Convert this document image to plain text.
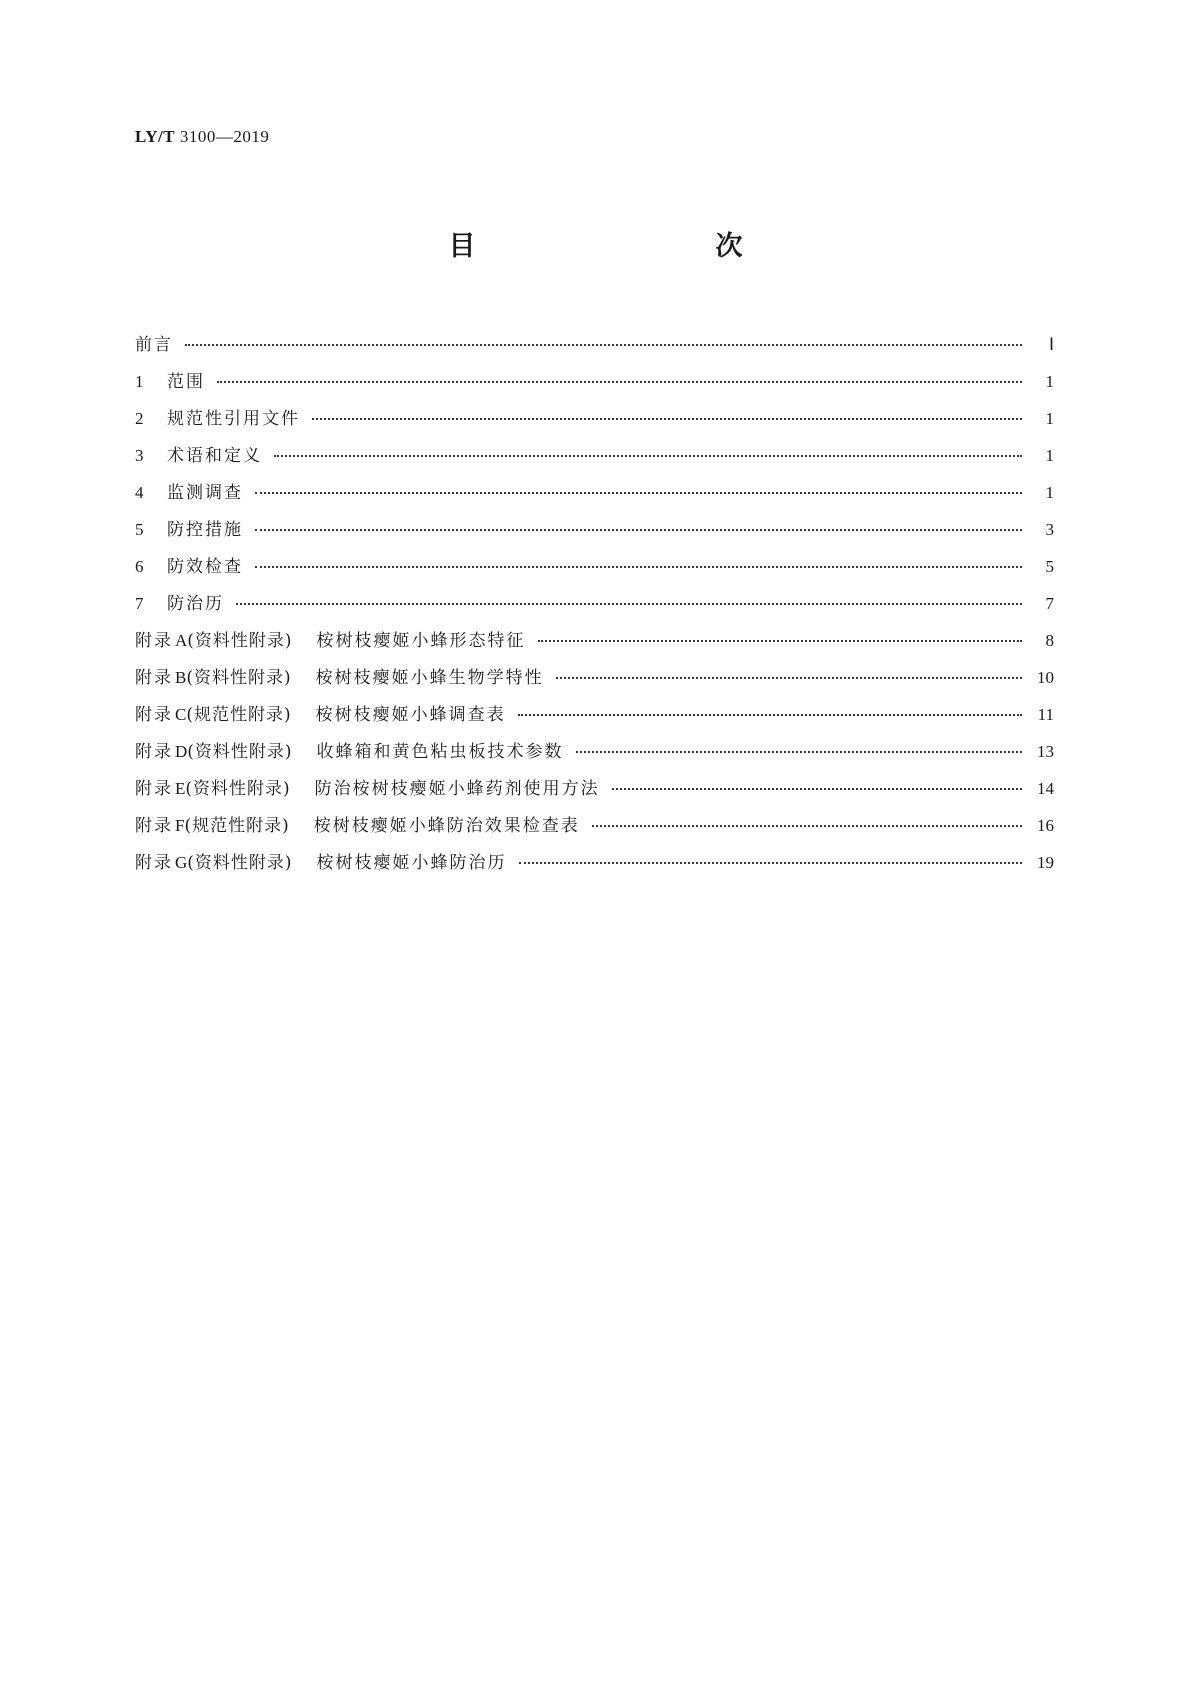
LY/T 3100—2019
目　　次
前言	Ⅰ
1	范围	1
2	规范性引用文件	1
3	术语和定义	1
4	监测调查	1
5	防控措施	3
6	防效检查	5
7	防治历	7
附录 A(资料性附录) 桉树枝瘿姬小蜂形态特征	8
附录 B(资料性附录) 桉树枝瘿姬小蜂生物学特性	10
附录 C(规范性附录) 桉树枝瘿姬小蜂调查表	11
附录 D(资料性附录) 收蜂箱和黄色粘虫板技术参数	13
附录 E(资料性附录) 防治桉树枝瘿姬小蜂药剂使用方法	14
附录 F(规范性附录) 桉树枝瘿姬小蜂防治效果检查表	16
附录 G(资料性附录) 桉树枝瘿姬小蜂防治历	19
